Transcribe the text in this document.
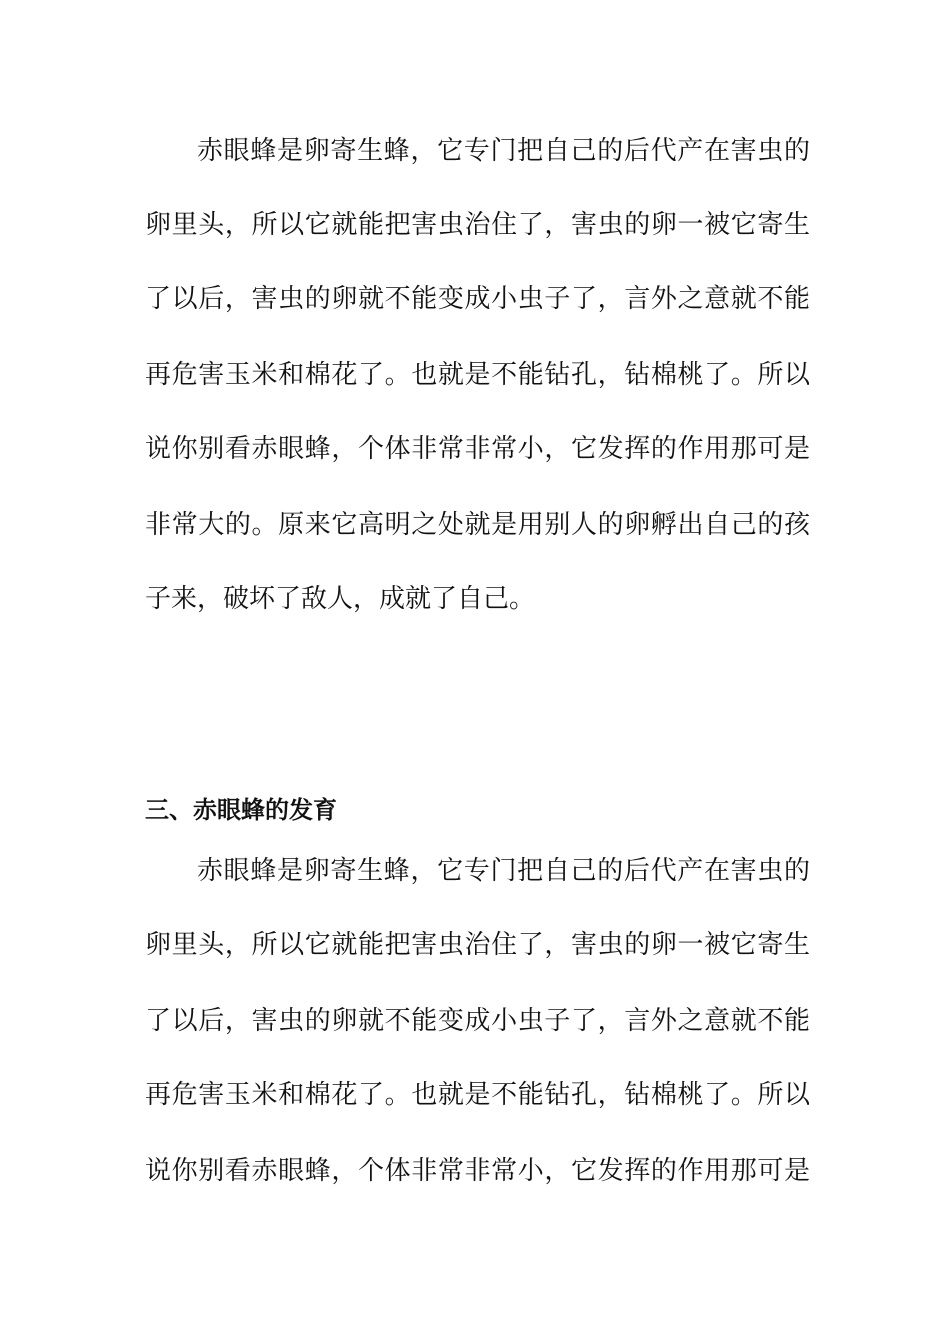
赤眼蜂是卵寄生蜂，它专门把自己的后代产在害虫的
卵里头，所以它就能把害虫治住了，害虫的卵一被它寄生
了以后，害虫的卵就不能变成小虫子了，言外之意就不能
再危害玉米和棉花了。也就是不能钻孔，钻棉桃了。所以
说你别看赤眼蜂，个体非常非常小，它发挥的作用那可是
非常大的。原来它高明之处就是用别人的卵孵出自己的孩
子来，破坏了敌人，成就了自己。
三、赤眼蜂的发育
赤眼蜂是卵寄生蜂，它专门把自己的后代产在害虫的
卵里头，所以它就能把害虫治住了，害虫的卵一被它寄生
了以后，害虫的卵就不能变成小虫子了，言外之意就不能
再危害玉米和棉花了。也就是不能钻孔，钻棉桃了。所以
说你别看赤眼蜂，个体非常非常小，它发挥的作用那可是
